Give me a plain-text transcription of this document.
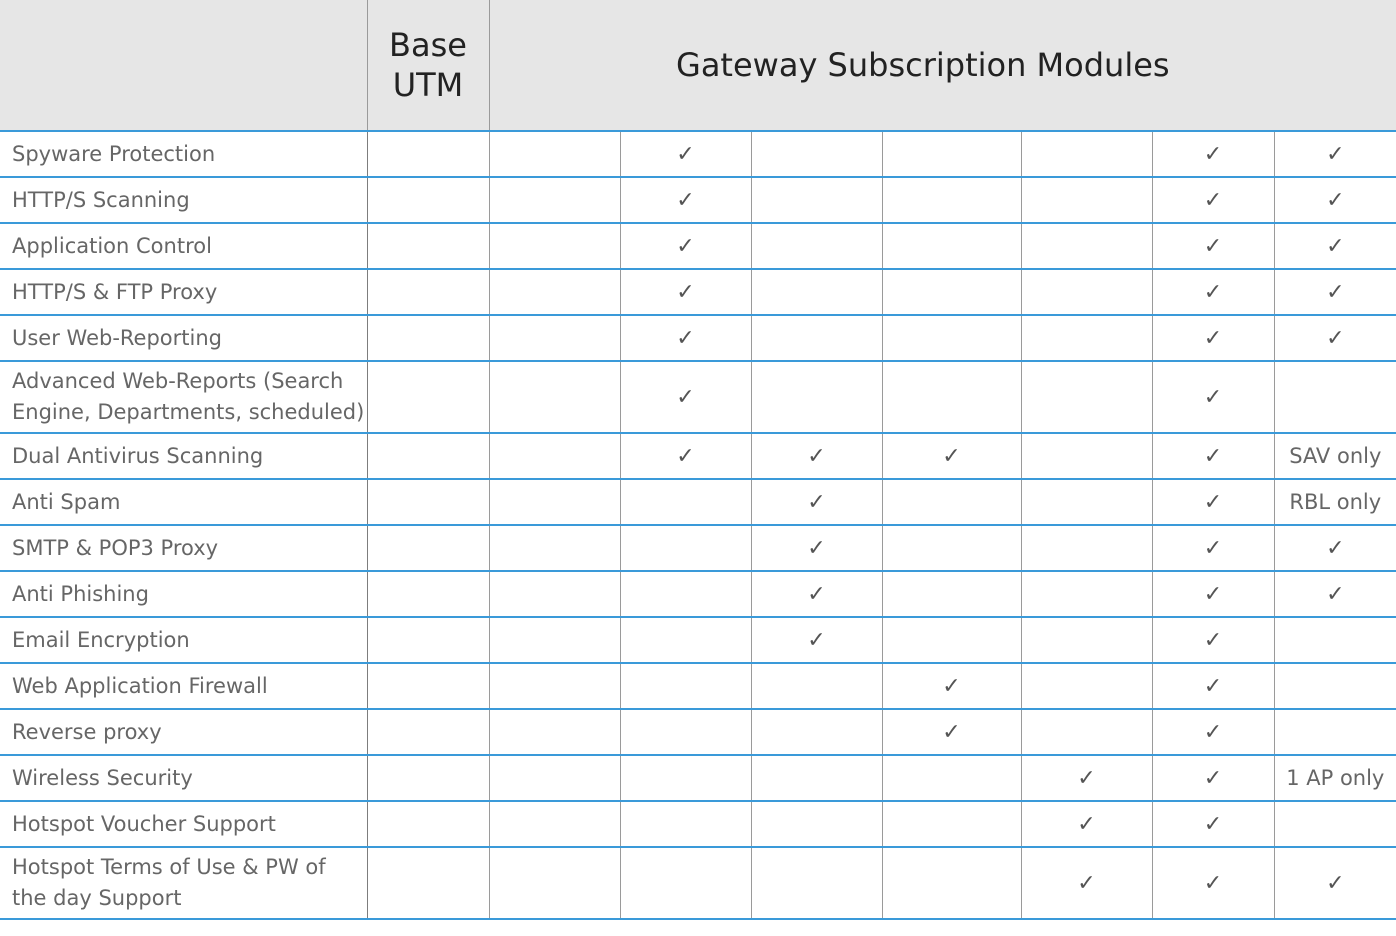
	Base
UTM	Gateway Subscription Modules						
Spyware Protection			✓				✓	✓
HTTP/S Scanning			✓				✓	✓
Application Control			✓				✓	✓
HTTP/S & FTP Proxy			✓				✓	✓
User Web-Reporting			✓				✓	✓
Advanced Web-Reports (Search Engine, Departments, scheduled)			✓				✓	
Dual Antivirus Scanning			✓	✓	✓		✓	SAV only
Anti Spam				✓			✓	RBL only
SMTP & POP3 Proxy				✓			✓	✓
Anti Phishing				✓			✓	✓
Email Encryption				✓			✓	
Web Application Firewall					✓		✓	
Reverse proxy					✓		✓	
Wireless Security						✓	✓	1 AP only
Hotspot Voucher Support						✓	✓	
Hotspot Terms of Use & PW of the day Support						✓	✓	✓
